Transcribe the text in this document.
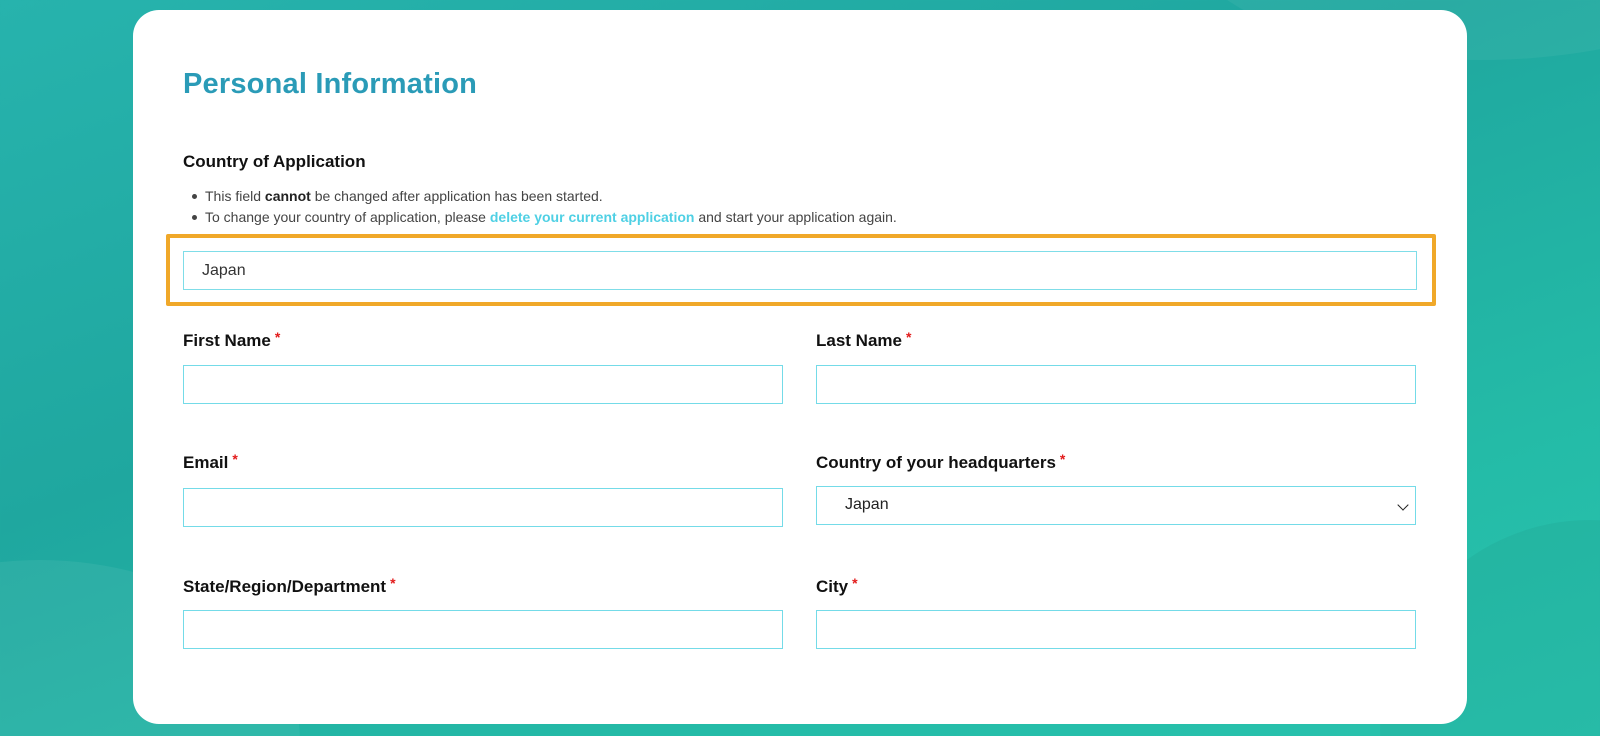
Personal Information
Country of Application
This field cannot be changed after application has been started.
To change your country of application, please delete your current application and start your application again.
Japan
First Name *	Last Name *
Email *	Country of your headquarters *
Japan
State/Region/Department *	City *
